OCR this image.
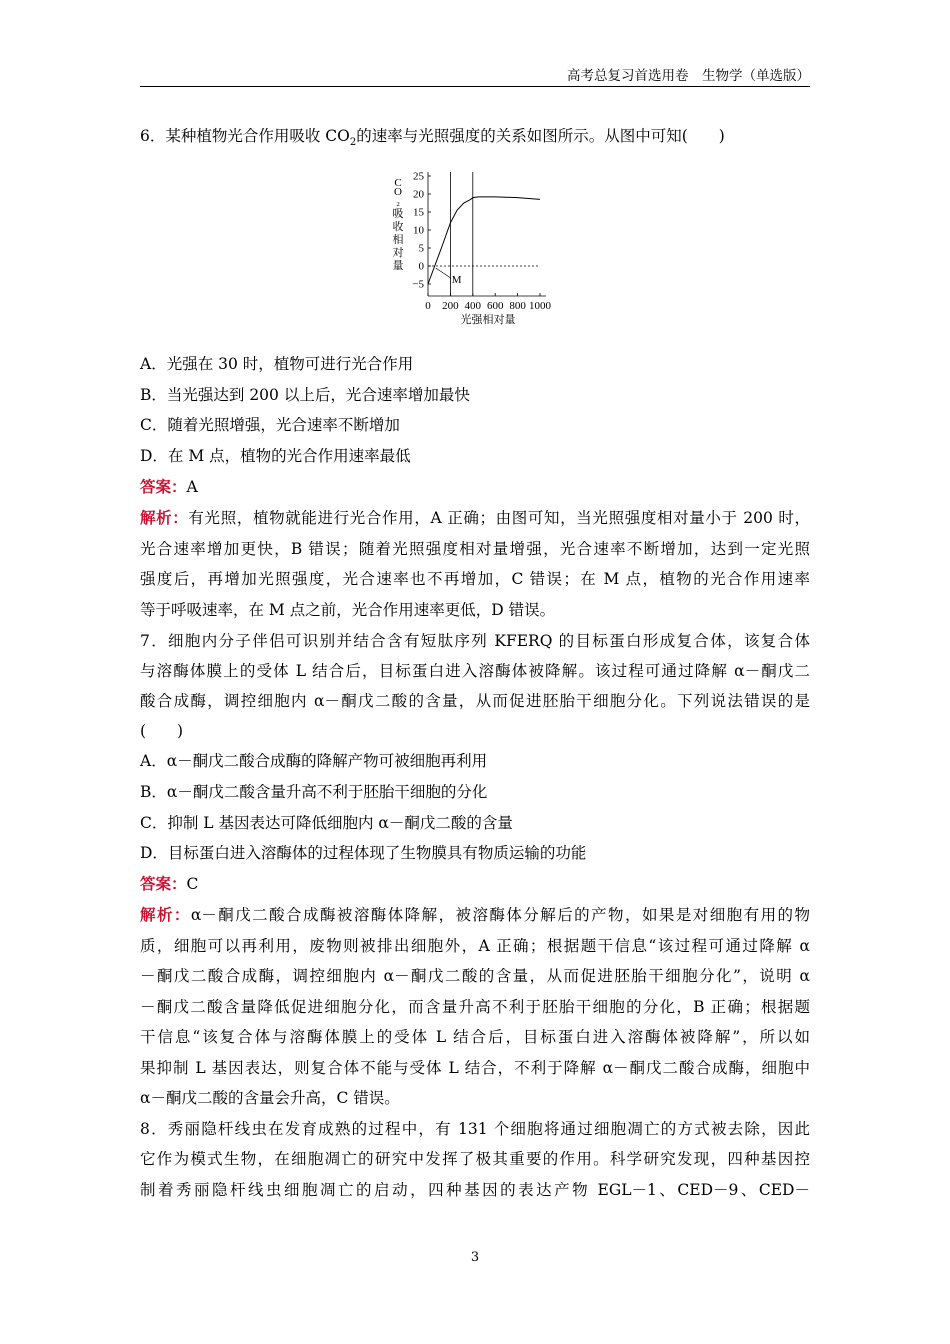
高考总复习首选用卷　生物学（单选版）
6．某种植物光合作用吸收 $CO_2$的速率与光照强度的关系如图所示。从图中可知(　　)
25
20
15
10
5
0
−5
0 200 400 600 800 1000
光强相对量
C O ₂ 吸收相对量
M
A．光强在 30 时，植物可进行光合作用
B．当光强达到 200 以上后，光合速率增加最快
C．随着光照增强，光合速率不断增加
D．在 M 点，植物的光合作用速率最低
答案：A
解析：有光照，植物就能进行光合作用，A 正确；由图可知，当光照强度相对量小于 200 时，
光合速率增加更快，B 错误；随着光照强度相对量增强，光合速率不断增加，达到一定光照
强度后，再增加光照强度，光合速率也不再增加，C 错误；在 M 点，植物的光合作用速率
等于呼吸速率，在 M 点之前，光合作用速率更低，D 错误。
7．细胞内分子伴侣可识别并结合含有短肽序列 KFERQ 的目标蛋白形成复合体，该复合体
与溶酶体膜上的受体 L 结合后，目标蛋白进入溶酶体被降解。该过程可通过降解 α－酮戊二
酸合成酶，调控细胞内 α－酮戊二酸的含量，从而促进胚胎干细胞分化。下列说法错误的是
(　　)
A．α－酮戊二酸合成酶的降解产物可被细胞再利用
B．α－酮戊二酸含量升高不利于胚胎干细胞的分化
C．抑制 L 基因表达可降低细胞内 α－酮戊二酸的含量
D．目标蛋白进入溶酶体的过程体现了生物膜具有物质运输的功能
答案：C
解析：α－酮戊二酸合成酶被溶酶体降解，被溶酶体分解后的产物，如果是对细胞有用的物
质，细胞可以再利用，废物则被排出细胞外，A 正确；根据题干信息“该过程可通过降解 α
－酮戊二酸合成酶，调控细胞内 α－酮戊二酸的含量，从而促进胚胎干细胞分化”，说明 α
－酮戊二酸含量降低促进细胞分化，而含量升高不利于胚胎干细胞的分化，B 正确；根据题
干信息“该复合体与溶酶体膜上的受体 L 结合后，目标蛋白进入溶酶体被降解”，所以如
果抑制 L 基因表达，则复合体不能与受体 L 结合，不利于降解 α－酮戊二酸合成酶，细胞中
α－酮戊二酸的含量会升高，C 错误。
8．秀丽隐杆线虫在发育成熟的过程中，有 131 个细胞将通过细胞凋亡的方式被去除，因此
它作为模式生物，在细胞凋亡的研究中发挥了极其重要的作用。科学研究发现，四种基因控
制着秀丽隐杆线虫细胞凋亡的启动，四种基因的表达产物 EGL－1、CED－9、CED－
3
